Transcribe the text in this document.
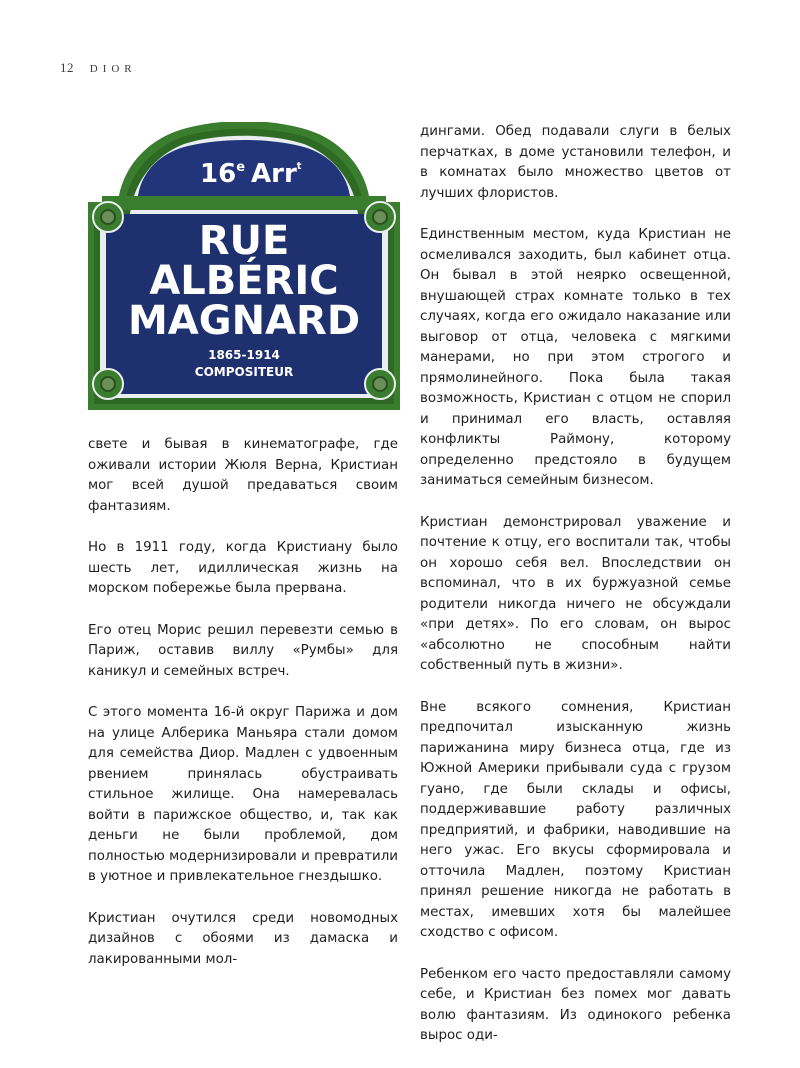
12 DIOR
16e Arr$^t$
RUE
ALBÉRIC
MAGNARD
1865-1914
COMPOSITEUR

свете и бывая в кинематографе, где оживали истории Жюля Верна, Кристиан мог всей душой предаваться своим фантазиям.

Но в 1911 году, когда Кристиану было шесть лет, идиллическая жизнь на морском побережье была прервана.

Его отец Морис решил перевезти семью в Париж, оставив виллу «Румбы» для каникул и семейных встреч.

С этого момента 16-й округ Парижа и дом на улице Алберика Маньяра стали домом для семейства Диор. Мадлен с удвоенным рвением принялась обустраивать стильное жилище. Она намеревалась войти в парижское общество, и, так как деньги не были проблемой, дом полностью модернизировали и превратили в уютное и привлекательное гнездышко.

Кристиан очутился среди новомодных дизайнов с обоями из дамаска и лакированными мол-

дингами. Обед подавали слуги в белых перчатках, в доме установили телефон, и в комнатах было множество цветов от лучших флористов.

Единственным местом, куда Кристиан не осмеливался заходить, был кабинет отца. Он бывал в этой неярко освещенной, внушающей страх комнате только в тех случаях, когда его ожидало наказание или выговор от отца, человека с мягкими манерами, но при этом строгого и прямолинейного. Пока была такая возможность, Кристиан с отцом не спорил и принимал его власть, оставляя конфликты Раймону, которому определенно предстояло в будущем заниматься семейным бизнесом.

Кристиан демонстрировал уважение и почтение к отцу, его воспитали так, чтобы он хорошо себя вел. Впоследствии он вспоминал, что в их буржуазной семье родители никогда ничего не обсуждали «при детях». По его словам, он вырос «абсолютно не способным найти собственный путь в жизни».

Вне всякого сомнения, Кристиан предпочитал изысканную жизнь парижанина миру бизнеса отца, где из Южной Америки прибывали суда с грузом гуано, где были склады и офисы, поддерживавшие работу различных предприятий, и фабрики, наводившие на него ужас. Его вкусы сформировала и отточила Мадлен, поэтому Кристиан принял решение никогда не работать в местах, имевших хотя бы малейшее сходство с офисом.

Ребенком его часто предоставляли самому себе, и Кристиан без помех мог давать волю фантазиям. Из одинокого ребенка вырос оди-
